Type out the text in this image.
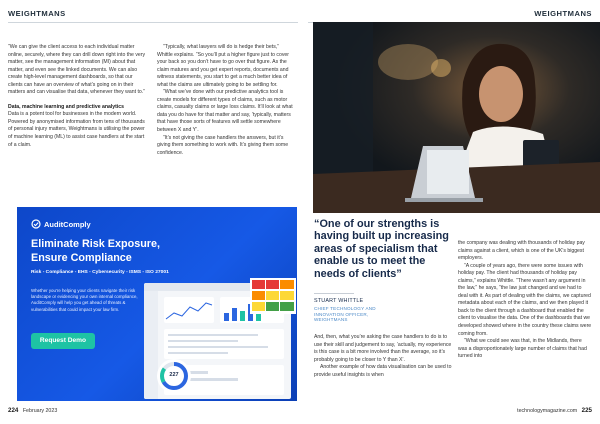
WEIGHTMANS	WEIGHTMANS

“We can give the client access to each individual matter online, securely, where they can drill down right into the very matter, see the management information (MI) about that matter, and even see the linked documents. We can also create high-level management dashboards, so that our clients can have an overview of what’s going on in their matters and can visualise that data, whenever they want to.”

Data, machine learning and predictive analytics

Data is a potent tool for businesses in the modern world. Powered by anonymised information from tens of thousands of personal injury matters, Weightmans is utilising the power of machine learning (ML) to assist case handlers at the start of a claim.

“Typically, what lawyers will do is hedge their bets,” Whittle explains. “So you’ll put a higher figure just to cover your back so you don’t have to go over that figure. As the claim matures and you get expert reports, documents and witness statements, you start to get a much better idea of what the claims are ultimately going to be settling for.

“What we’ve done with our predictive analytics tool is create models for different types of claims, such as motor claims, casualty claims or large loss claims. It’ll look at what data you do have for that matter and say, ‘typically, matters that have those sorts of features will settle somewhere between X and Y’.

“It’s not giving the case handlers the answers, but it’s giving them something to work with. It’s giving them some confidence.

AuditComply
Eliminate Risk Exposure,
Ensure Compliance
Risk - Compliance - EHS - Cybersecurity - ISMS - ISO 27001
Whether you’re helping your clients navigate their risk landscape or evidencing your own internal compliance, AuditComply will help you get ahead of threats & vulnerabilities that could impact your law firm.
Request Demo
227
“One of our strengths is having built up increasing areas of specialism that enable us to meet the needs of clients”
STUART WHITTLE
CHIEF TECHNOLOGY AND
INNOVATION OFFICER,
WEIGHTMANS

And, then, what you’re asking the case handlers to do is to use their skill and judgement to say, ‘actually, my experience is this case is a bit more involved than the average, so it’s probably going to be closer to Y than X’.

Another example of how data visualisation can be used to provide useful insights is when

the company was dealing with thousands of holiday pay claims against a client, which is one of the UK’s biggest employers.

“A couple of years ago, there were some issues with holiday pay. The client had thousands of holiday pay claims,” explains Whittle. “There wasn’t any argument in the law,” he says, “the law just changed and we had to deal with it. As part of dealing with the claims, we captured metadata about each of the claims, and we then played it back to the client through a dashboard that enabled the client to visualise the data. One of the dashboards that we developed showed where in the country these claims were coming from.

“What we could see was that, in the Midlands, there was a disproportionately large number of claims that had turned into

224 February 2023	technologymagazine.com 225
